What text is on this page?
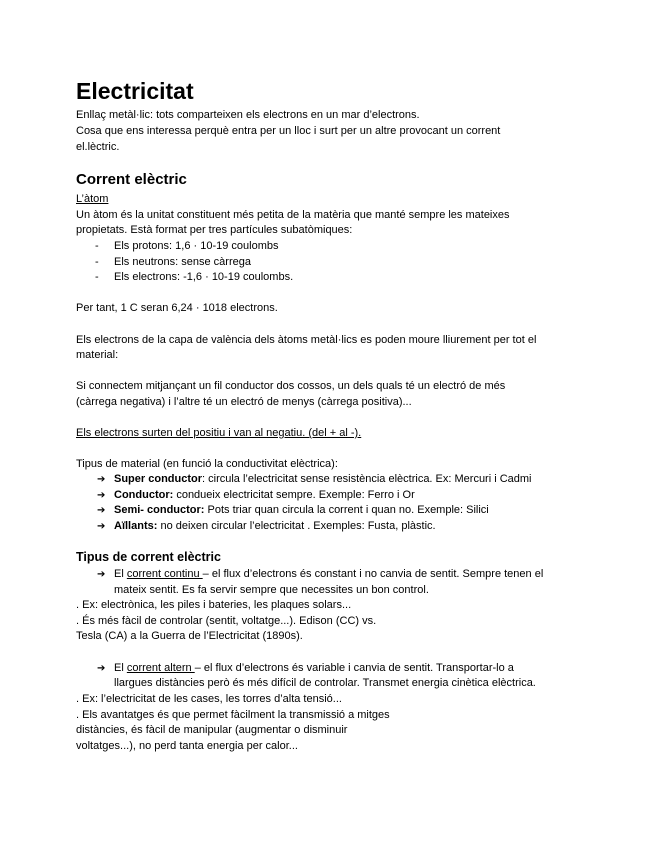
Electricitat
Enllaç metàl·lic: tots comparteixen els electrons en un mar d’electrons.
Cosa que ens interessa perquè entra per un lloc i surt per un altre provocant un corrent
el.lèctric.
Corrent elèctric
L’àtom
Un àtom és la unitat constituent més petita de la matèria que manté sempre les mateixes
propietats. Està format per tres partícules subatòmiques:
- Els protons: 1,6 · 10-19 coulombs
- Els neutrons: sense càrrega
- Els electrons: -1,6 · 10-19 coulombs.
Per tant, 1 C seran 6,24 · 1018 electrons.
Els electrons de la capa de valència dels àtoms metàl·lics es poden moure lliurement per tot el
material:
Si connectem mitjançant un fil conductor dos cossos, un dels quals té un electró de més
(càrrega negativa) i l’altre té un electró de menys (càrrega positiva)...
Els electrons surten del positiu i van al negatiu. (del + al -).
Tipus de material (en funció la conductivitat elèctrica):
➔ Super conductor: circula l’electricitat sense resistència elèctrica. Ex: Mercuri i Cadmi
➔ Conductor: condueix electricitat sempre. Exemple: Ferro i Or
➔ Semi- conductor: Pots triar quan circula la corrent i quan no. Exemple: Silici
➔ Aïllants: no deixen circular l’electricitat . Exemples: Fusta, plàstic.
Tipus de corrent elèctric
➔ El corrent continu – el flux d’electrons és constant i no canvia de sentit. Sempre tenen el
mateix sentit. Es fa servir sempre que necessites un bon control.
. Ex: electrònica, les piles i bateries, les plaques solars...
. És més fàcil de controlar (sentit, voltatge...). Edison (CC) vs.
Tesla (CA) a la Guerra de l’Electricitat (1890s).
➔ El corrent altern – el flux d’electrons és variable i canvia de sentit. Transportar-lo a
llargues distàncies però és més difícil de controlar. Transmet energia cinètica elèctrica.
. Ex: l’electricitat de les cases, les torres d’alta tensió...
. Els avantatges és que permet fàcilment la transmissió a mitges
distàncies, és fàcil de manipular (augmentar o disminuir
voltatges...), no perd tanta energia per calor...
